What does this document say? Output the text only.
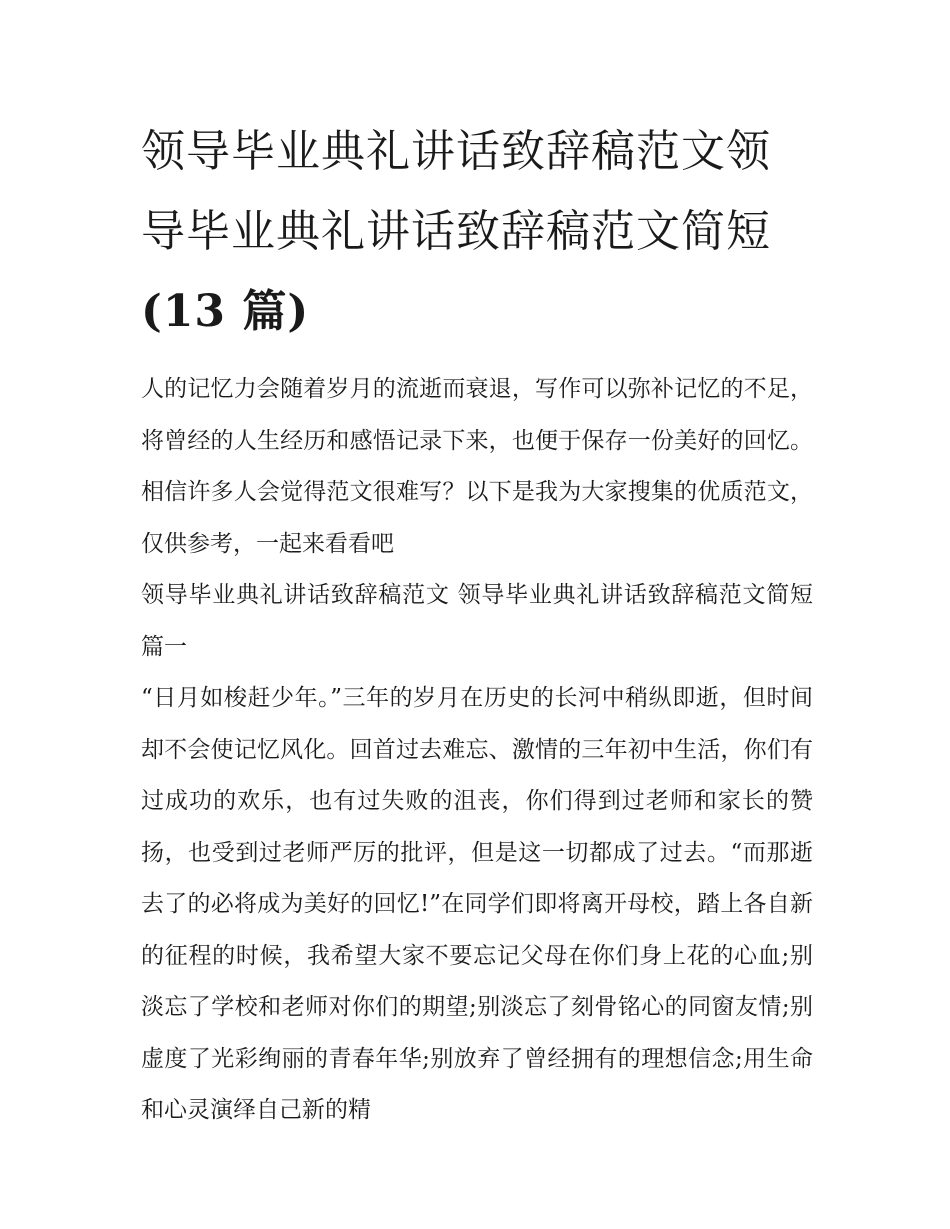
领导毕业典礼讲话致辞稿范文领导毕业典礼讲话致辞稿范文简短(13 篇)

人的记忆力会随着岁月的流逝而衰退，写作可以弥补记忆的不足，将曾经的人生经历和感悟记录下来，也便于保存一份美好的回忆。相信许多人会觉得范文很难写？以下是我为大家搜集的优质范文，仅供参考，一起来看看吧

领导毕业典礼讲话致辞稿范文 领导毕业典礼讲话致辞稿范文简短篇一

“日月如梭赶少年。”三年的岁月在历史的长河中稍纵即逝，但时间却不会使记忆风化。回首过去难忘、激情的三年初中生活，你们有过成功的欢乐，也有过失败的沮丧，你们得到过老师和家长的赞扬，也受到过老师严厉的批评，但是这一切都成了过去。“而那逝去了的必将成为美好的回忆!”在同学们即将离开母校，踏上各自新的征程的时候，我希望大家不要忘记父母在你们身上花的心血;别淡忘了学校和老师对你们的期望;别淡忘了刻骨铭心的同窗友情;别虚度了光彩绚丽的青春年华;别放弃了曾经拥有的理想信念;用生命和心灵演绎自己新的精
